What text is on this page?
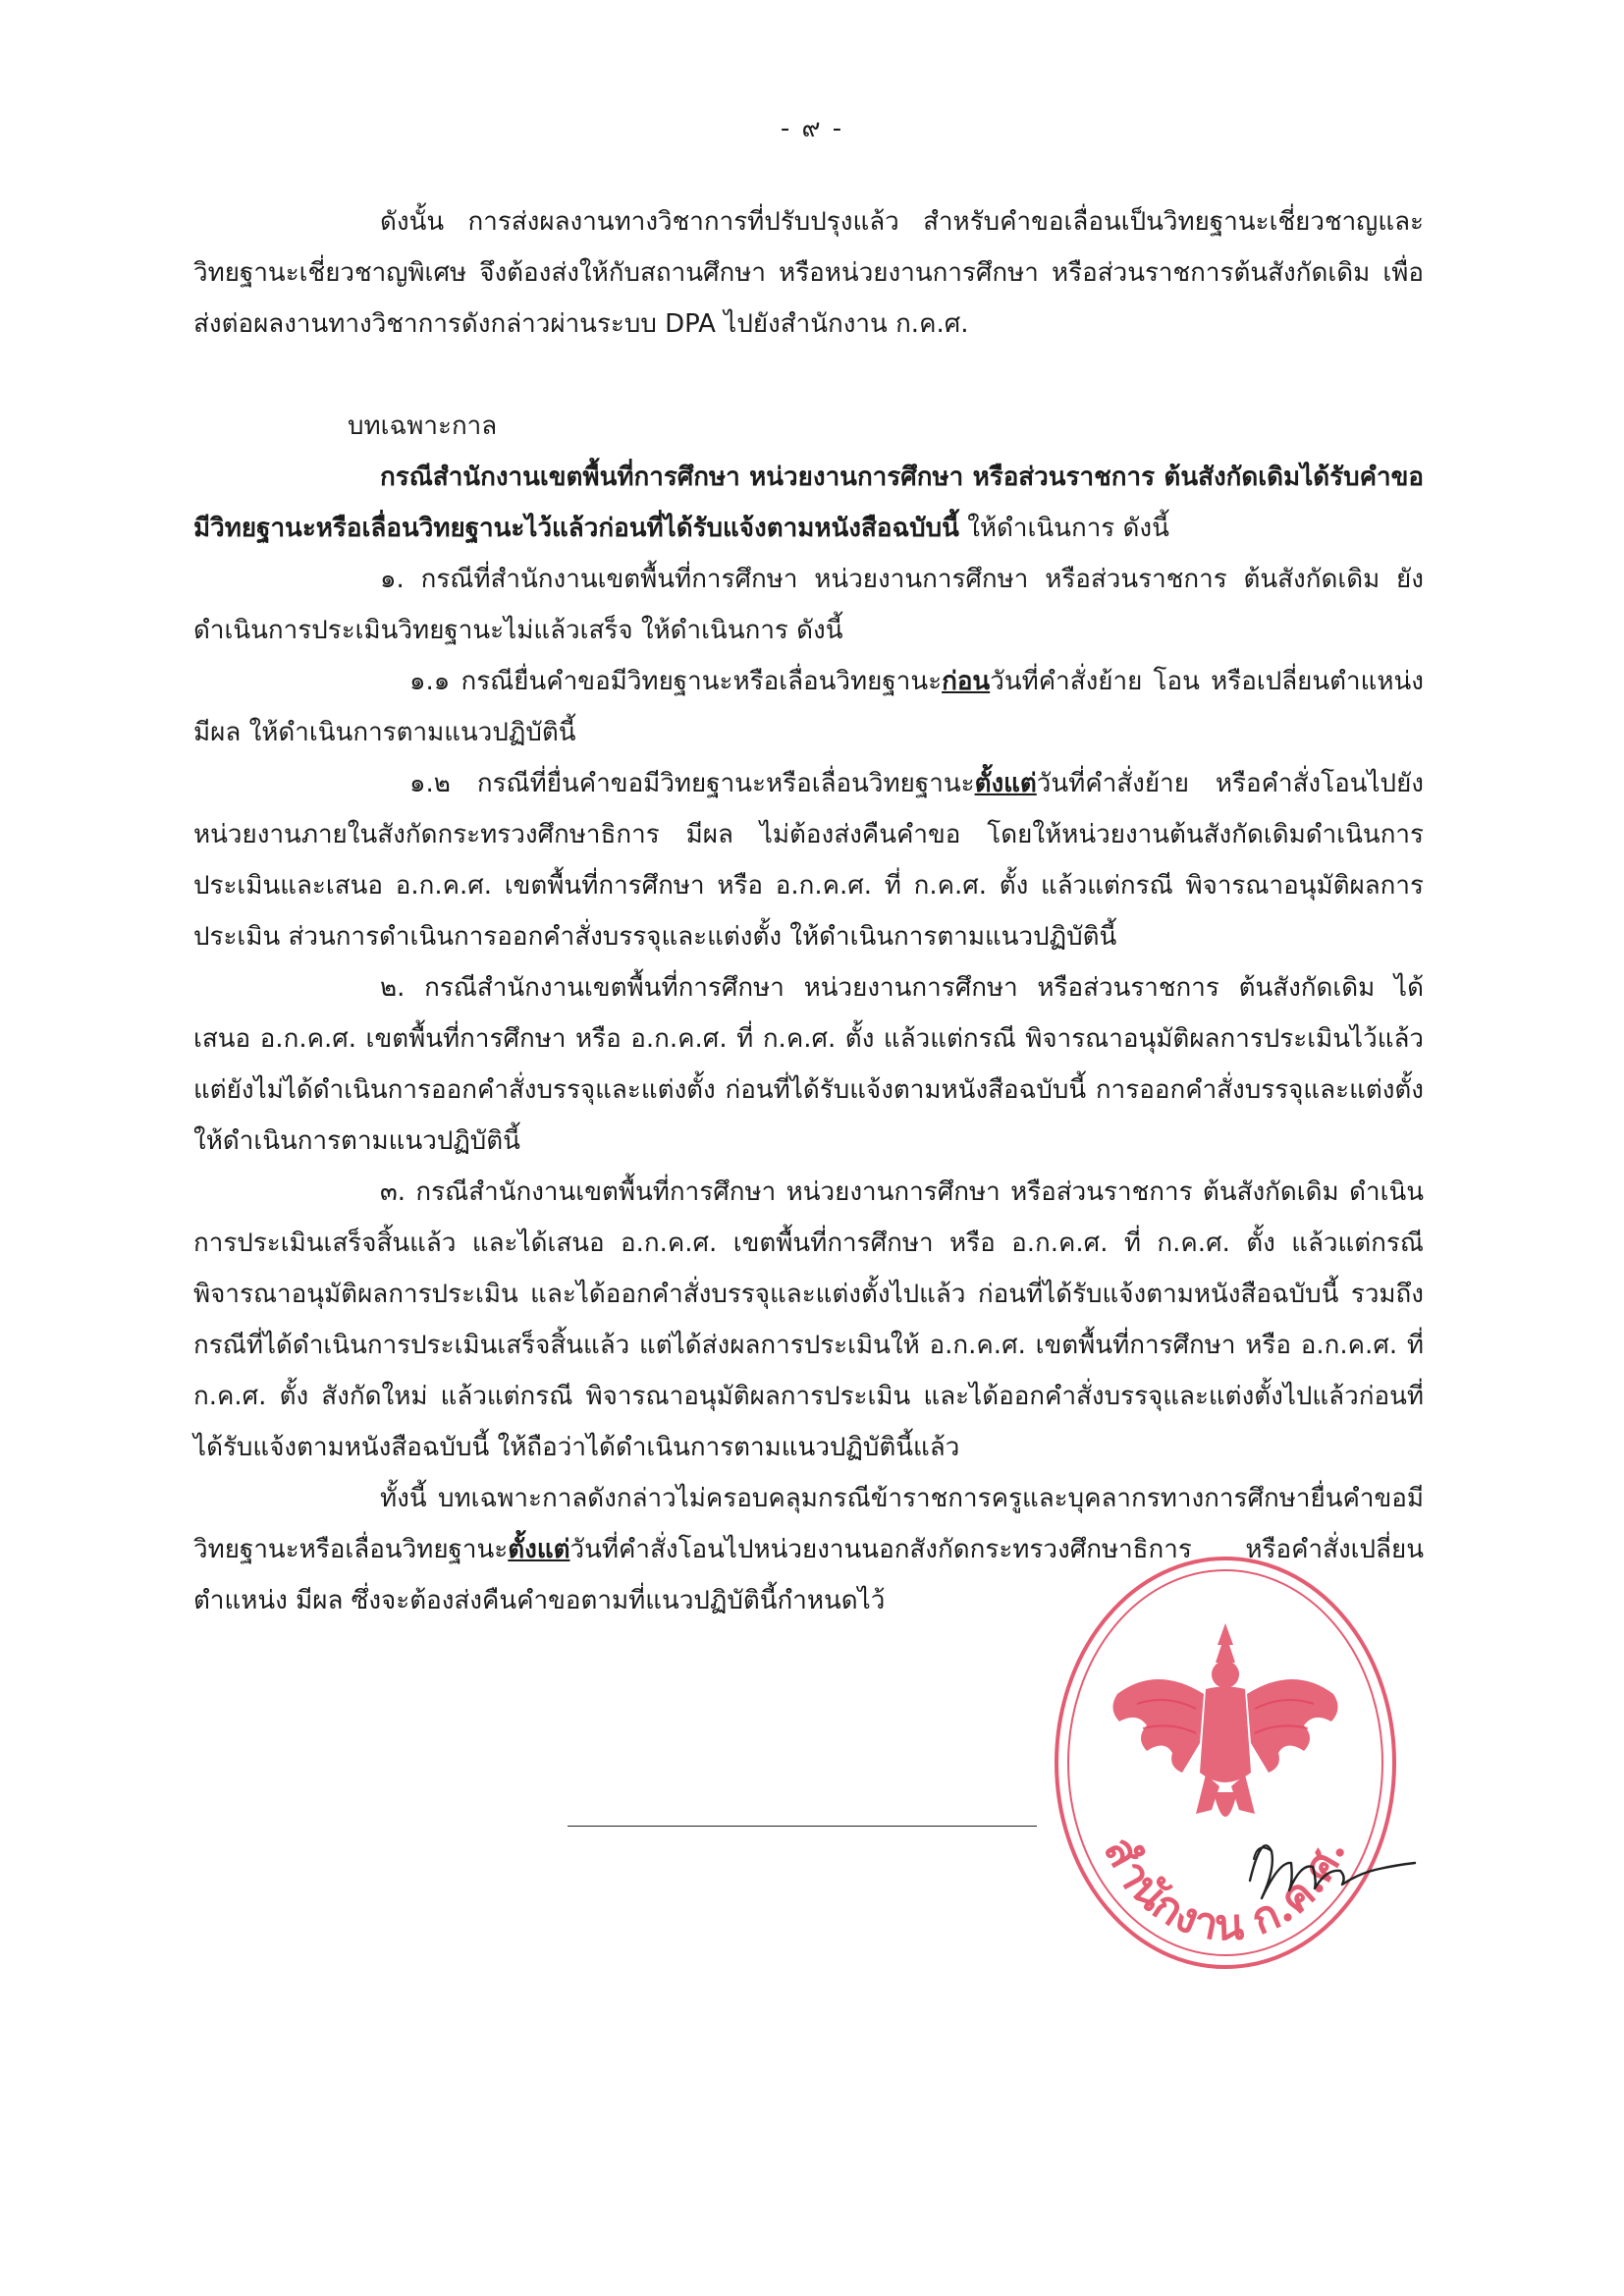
- ๙ -

ดังนั้น การส่งผลงานทางวิชาการที่ปรับปรุงแล้ว สำหรับคำขอเลื่อนเป็นวิทยฐานะเชี่ยวชาญและวิทยฐานะเชี่ยวชาญพิเศษ จึงต้องส่งให้กับสถานศึกษา หรือหน่วยงานการศึกษา หรือส่วนราชการต้นสังกัดเดิม เพื่อส่งต่อผลงานทางวิชาการดังกล่าวผ่านระบบ DPA ไปยังสำนักงาน ก.ค.ศ.

บทเฉพาะกาล

กรณีสำนักงานเขตพื้นที่การศึกษา หน่วยงานการศึกษา หรือส่วนราชการ ต้นสังกัดเดิมได้รับคำขอมีวิทยฐานะหรือเลื่อนวิทยฐานะไว้แล้วก่อนที่ได้รับแจ้งตามหนังสือฉบับนี้ ให้ดำเนินการ ดังนี้

๑. กรณีที่สำนักงานเขตพื้นที่การศึกษา หน่วยงานการศึกษา หรือส่วนราชการ ต้นสังกัดเดิม ยังดำเนินการประเมินวิทยฐานะไม่แล้วเสร็จ ให้ดำเนินการ ดังนี้

๑.๑ กรณียื่นคำขอมีวิทยฐานะหรือเลื่อนวิทยฐานะก่อนวันที่คำสั่งย้าย โอน หรือเปลี่ยนตำแหน่ง มีผล ให้ดำเนินการตามแนวปฏิบัตินี้

๑.๒ กรณีที่ยื่นคำขอมีวิทยฐานะหรือเลื่อนวิทยฐานะตั้งแต่วันที่คำสั่งย้าย หรือคำสั่งโอนไปยังหน่วยงานภายในสังกัดกระทรวงศึกษาธิการ มีผล ไม่ต้องส่งคืนคำขอ โดยให้หน่วยงานต้นสังกัดเดิมดำเนินการประเมินและเสนอ อ.ก.ค.ศ. เขตพื้นที่การศึกษา หรือ อ.ก.ค.ศ. ที่ ก.ค.ศ. ตั้ง แล้วแต่กรณี พิจารณาอนุมัติผลการประเมิน ส่วนการดำเนินการออกคำสั่งบรรจุและแต่งตั้ง ให้ดำเนินการตามแนวปฏิบัตินี้

๒. กรณีสำนักงานเขตพื้นที่การศึกษา หน่วยงานการศึกษา หรือส่วนราชการ ต้นสังกัดเดิม ได้เสนอ อ.ก.ค.ศ. เขตพื้นที่การศึกษา หรือ อ.ก.ค.ศ. ที่ ก.ค.ศ. ตั้ง แล้วแต่กรณี พิจารณาอนุมัติผลการประเมินไว้แล้ว แต่ยังไม่ได้ดำเนินการออกคำสั่งบรรจุและแต่งตั้ง ก่อนที่ได้รับแจ้งตามหนังสือฉบับนี้ การออกคำสั่งบรรจุและแต่งตั้ง ให้ดำเนินการตามแนวปฏิบัตินี้

๓. กรณีสำนักงานเขตพื้นที่การศึกษา หน่วยงานการศึกษา หรือส่วนราชการ ต้นสังกัดเดิม ดำเนินการประเมินเสร็จสิ้นแล้ว และได้เสนอ อ.ก.ค.ศ. เขตพื้นที่การศึกษา หรือ อ.ก.ค.ศ. ที่ ก.ค.ศ. ตั้ง แล้วแต่กรณี พิจารณาอนุมัติผลการประเมิน และได้ออกคำสั่งบรรจุและแต่งตั้งไปแล้ว ก่อนที่ได้รับแจ้งตามหนังสือฉบับนี้ รวมถึงกรณีที่ได้ดำเนินการประเมินเสร็จสิ้นแล้ว แต่ได้ส่งผลการประเมินให้ อ.ก.ค.ศ. เขตพื้นที่การศึกษา หรือ อ.ก.ค.ศ. ที่ ก.ค.ศ. ตั้ง สังกัดใหม่ แล้วแต่กรณี พิจารณาอนุมัติผลการประเมิน และได้ออกคำสั่งบรรจุและแต่งตั้งไปแล้วก่อนที่ได้รับแจ้งตามหนังสือฉบับนี้ ให้ถือว่าได้ดำเนินการตามแนวปฏิบัตินี้แล้ว

ทั้งนี้ บทเฉพาะกาลดังกล่าวไม่ครอบคลุมกรณีข้าราชการครูและบุคลากรทางการศึกษายื่นคำขอมีวิทยฐานะหรือเลื่อนวิทยฐานะตั้งแต่วันที่คำสั่งโอนไปหน่วยงานนอกสังกัดกระทรวงศึกษาธิการ หรือคำสั่งเปลี่ยนตำแหน่ง มีผล ซึ่งจะต้องส่งคืนคำขอตามที่แนวปฏิบัตินี้กำหนดไว้

สำนักงาน ก.ค.ศ.
